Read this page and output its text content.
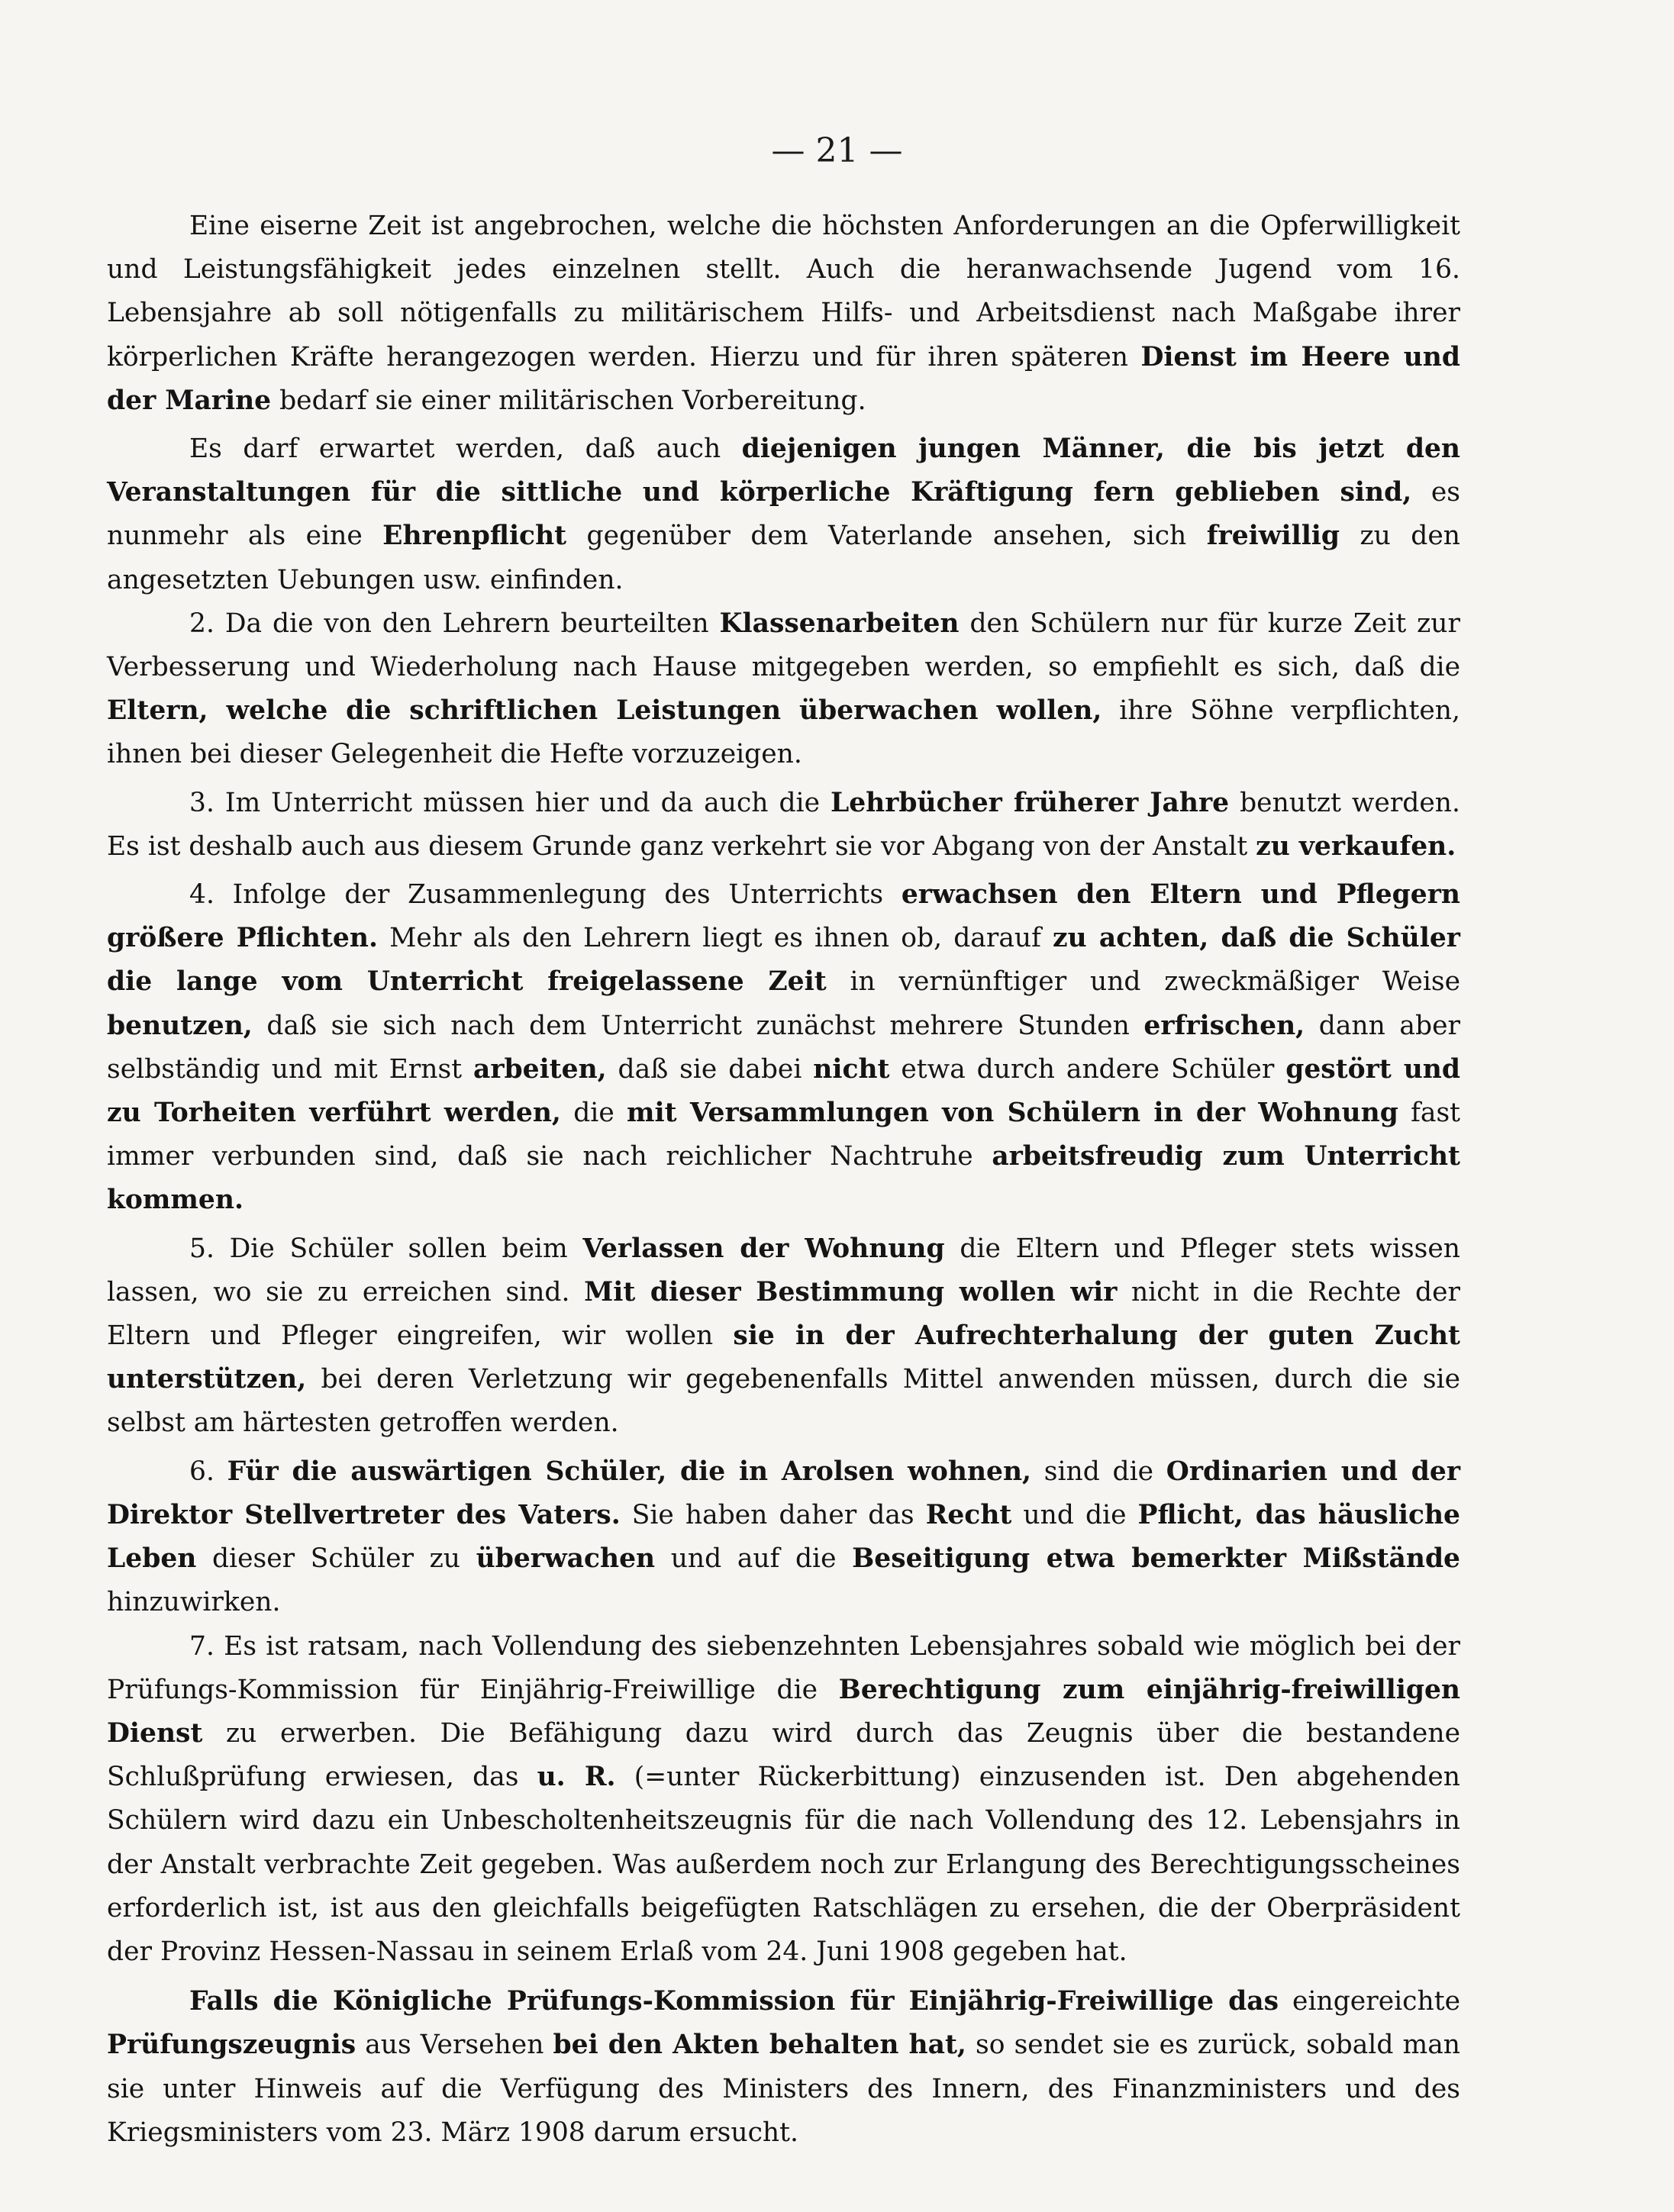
— 21 —

Eine eiserne Zeit ist angebrochen, welche die höchsten Anforderungen an die Opferwilligkeit und Leistungsfähigkeit jedes einzelnen stellt. Auch die heranwachsende Jugend vom 16. Lebensjahre ab soll nötigenfalls zu militärischem Hilfs- und Arbeitsdienst nach Maßgabe ihrer körperlichen Kräfte herangezogen werden. Hierzu und für ihren späteren Dienst im Heere und der Marine bedarf sie einer militärischen Vorbereitung.

Es darf erwartet werden, daß auch diejenigen jungen Männer, die bis jetzt den Veranstaltungen für die sittliche und körperliche Kräftigung fern geblieben sind, es nunmehr als eine Ehrenpflicht gegenüber dem Vaterlande ansehen, sich freiwillig zu den angesetzten Uebungen usw. einfinden.

2. Da die von den Lehrern beurteilten Klassenarbeiten den Schülern nur für kurze Zeit zur Verbesserung und Wiederholung nach Hause mitgegeben werden, so empfiehlt es sich, daß die Eltern, welche die schriftlichen Leistungen überwachen wollen, ihre Söhne verpflichten, ihnen bei dieser Gelegenheit die Hefte vorzuzeigen.

3. Im Unterricht müssen hier und da auch die Lehrbücher früherer Jahre benutzt werden. Es ist deshalb auch aus diesem Grunde ganz verkehrt sie vor Abgang von der Anstalt zu verkaufen.

4. Infolge der Zusammenlegung des Unterrichts erwachsen den Eltern und Pflegern größere Pflichten. Mehr als den Lehrern liegt es ihnen ob, darauf zu achten, daß die Schüler die lange vom Unterricht freigelassene Zeit in vernünftiger und zweckmäßiger Weise benutzen, daß sie sich nach dem Unterricht zunächst mehrere Stunden erfrischen, dann aber selbständig und mit Ernst arbeiten, daß sie dabei nicht etwa durch andere Schüler gestört und zu Torheiten verführt werden, die mit Versammlungen von Schülern in der Wohnung fast immer verbunden sind, daß sie nach reichlicher Nachtruhe arbeitsfreudig zum Unterricht kommen.

5. Die Schüler sollen beim Verlassen der Wohnung die Eltern und Pfleger stets wissen lassen, wo sie zu erreichen sind. Mit dieser Bestimmung wollen wir nicht in die Rechte der Eltern und Pfleger eingreifen, wir wollen sie in der Aufrechterhalung der guten Zucht unterstützen, bei deren Verletzung wir gegebenenfalls Mittel anwenden müssen, durch die sie selbst am härtesten getroffen werden.

6. Für die auswärtigen Schüler, die in Arolsen wohnen, sind die Ordinarien und der Direktor Stellvertreter des Vaters. Sie haben daher das Recht und die Pflicht, das häusliche Leben dieser Schüler zu überwachen und auf die Beseitigung etwa bemerkter Mißstände hinzuwirken.

7. Es ist ratsam, nach Vollendung des siebenzehnten Lebensjahres sobald wie möglich bei der Prüfungs-Kommission für Einjährig-Freiwillige die Berechtigung zum einjährig-freiwilligen Dienst zu erwerben. Die Befähigung dazu wird durch das Zeugnis über die bestandene Schlußprüfung erwiesen, das u. R. (=unter Rückerbittung) einzusenden ist. Den abgehenden Schülern wird dazu ein Unbescholtenheitszeugnis für die nach Vollendung des 12. Lebensjahrs in der Anstalt verbrachte Zeit gegeben. Was außerdem noch zur Erlangung des Berechtigungsscheines erforderlich ist, ist aus den gleichfalls beigefügten Ratschlägen zu ersehen, die der Oberpräsident der Provinz Hessen-Nassau in seinem Erlaß vom 24. Juni 1908 gegeben hat.

Falls die Königliche Prüfungs-Kommission für Einjährig-Freiwillige das eingereichte Prüfungszeugnis aus Versehen bei den Akten behalten hat, so sendet sie es zurück, sobald man sie unter Hinweis auf die Verfügung des Ministers des Innern, des Finanzministers und des Kriegsministers vom 23. März 1908 darum ersucht.
